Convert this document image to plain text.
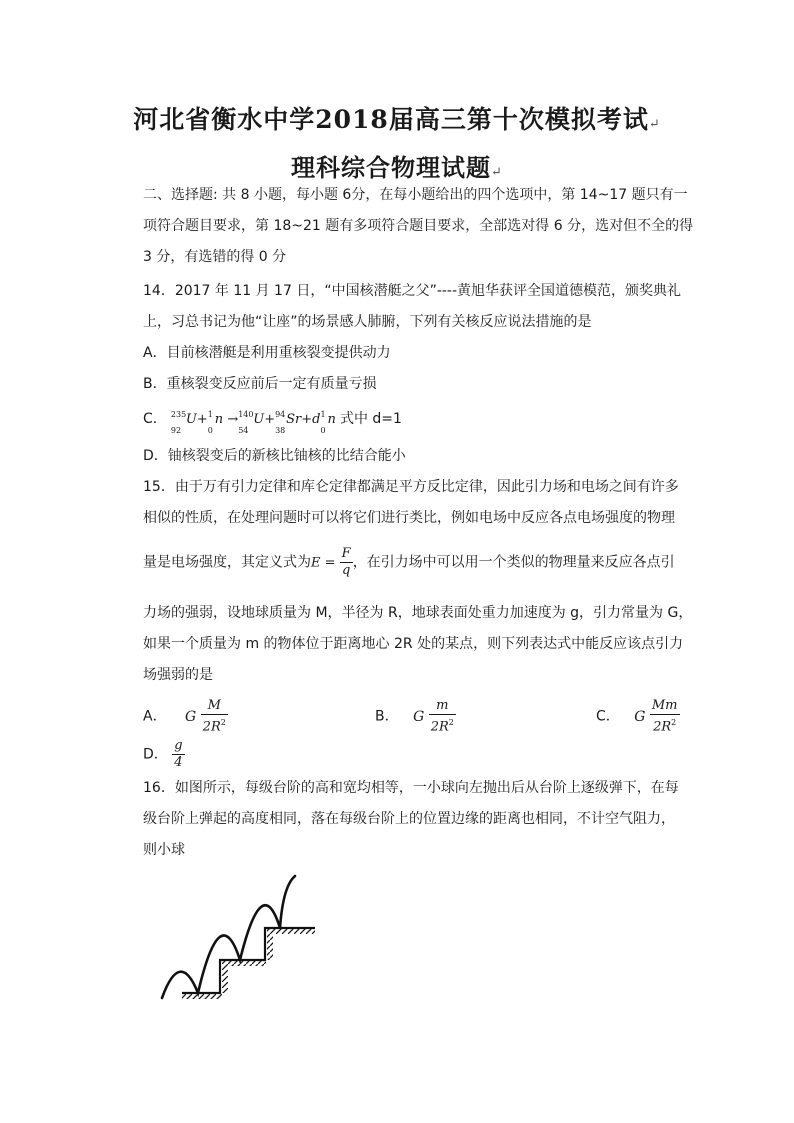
河北省衡水中学2018届高三第十次模拟考试↵
理科综合物理试题↵
二、选择题: 共 8 小题，每小题 6分，在每小题给出的四个选项中，第 14~17 题只有一
项符合题目要求，第 18~21 题有多项符合题目要求，全部选对得 6 分，选对但不全的得
3 分，有选错的得 0 分
14．2017 年 11 月 17 日，“中国核潜艇之父”----黄旭华获评全国道德模范，颁奖典礼
上，习总书记为他“让座”的场景感人肺腑，下列有关核反应说法措施的是
A．目前核潜艇是利用重核裂变提供动力
B．重核裂变反应前后一定有质量亏损
C． 235
92
U+ 1
0
n → 140
54
U+ 94
38
Sr+d 1
0
n 式中 d=1
D．铀核裂变后的新核比铀核的比结合能小
15．由于万有引力定律和库仑定律都满足平方反比定律，因此引力场和电场之间有许多
相似的性质，在处理问题时可以将它们进行类比，例如电场中反应各点电场强度的物理
量是电场强度，其定义式为$E = \frac{F}{q}$ ，在引力场中可以用一个类似的物理量来反应各点引
力场的强弱，设地球质量为 M，半径为 R，地球表面处重力加速度为 g，引力常量为 G，
如果一个质量为 m 的物体位于距离地心 2R 处的某点，则下列表达式中能反应该点引力
场强弱的是
A． G $\frac{M}{2R^2}$	B． G $\frac{m}{2R^2}$	C． G $\frac{Mm}{2R^2}$
D． $\frac{g}{4}$
16．如图所示，每级台阶的高和宽均相等，一小球向左抛出后从台阶上逐级弹下，在每
级台阶上弹起的高度相同，落在每级台阶上的位置边缘的距离也相同，不计空气阻力，
则小球
